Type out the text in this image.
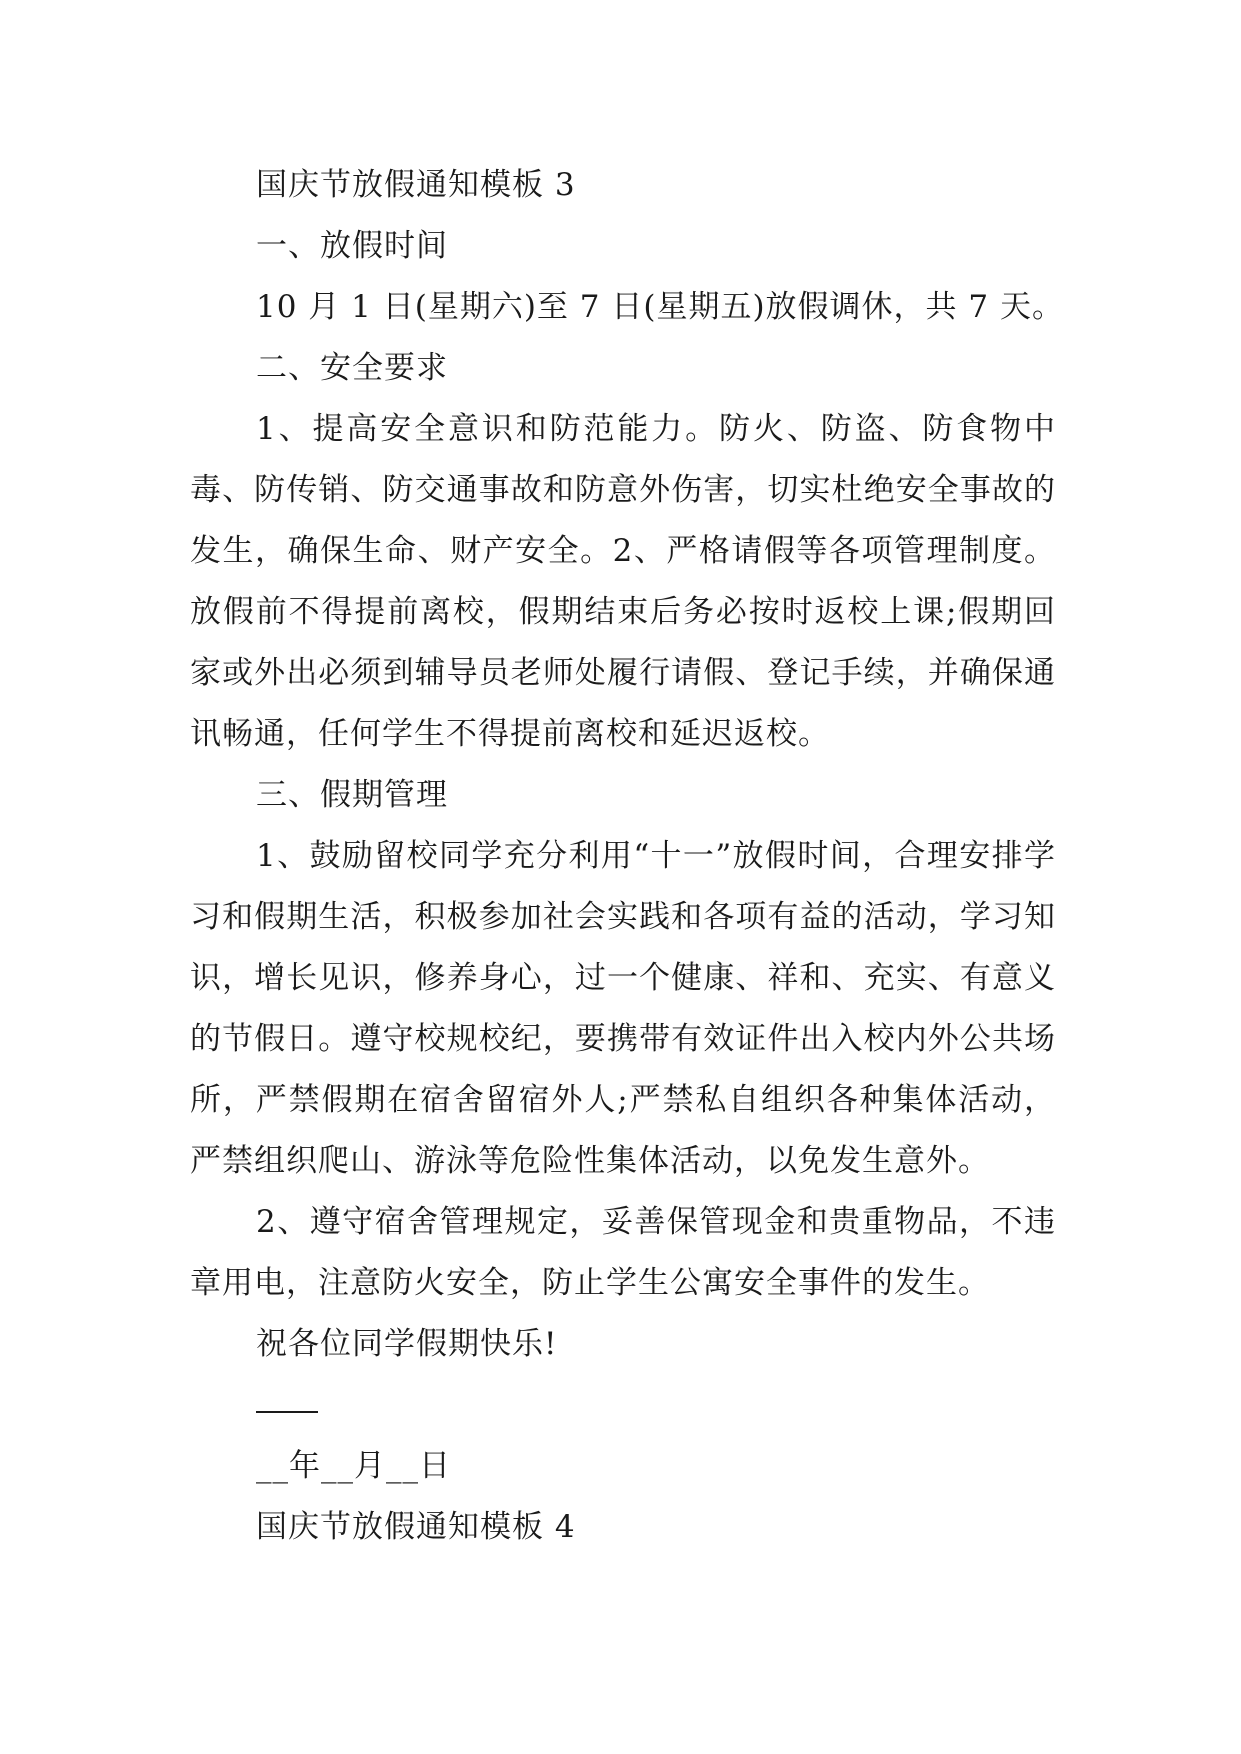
国庆节放假通知模板 3

一、放假时间

10 月 1 日(星期六)至 7 日(星期五)放假调休，共 7 天。

二、安全要求

1、提高安全意识和防范能力。防火、防盗、防食物中毒、防传销、防交通事故和防意外伤害，切实杜绝安全事故的发生，确保生命、财产安全。2、严格请假等各项管理制度。放假前不得提前离校，假期结束后务必按时返校上课;假期回家或外出必须到辅导员老师处履行请假、登记手续，并确保通讯畅通，任何学生不得提前离校和延迟返校。

三、假期管理

1、鼓励留校同学充分利用“十一”放假时间，合理安排学习和假期生活，积极参加社会实践和各项有益的活动，学习知识，增长见识，修养身心，过一个健康、祥和、充实、有意义的节假日。遵守校规校纪，要携带有效证件出入校内外公共场所，严禁假期在宿舍留宿外人;严禁私自组织各种集体活动，严禁组织爬山、游泳等危险性集体活动，以免发生意外。

2、遵守宿舍管理规定，妥善保管现金和贵重物品，不违章用电，注意防火安全，防止学生公寓安全事件的发生。

祝各位同学假期快乐!

__年__月__日

国庆节放假通知模板 4
